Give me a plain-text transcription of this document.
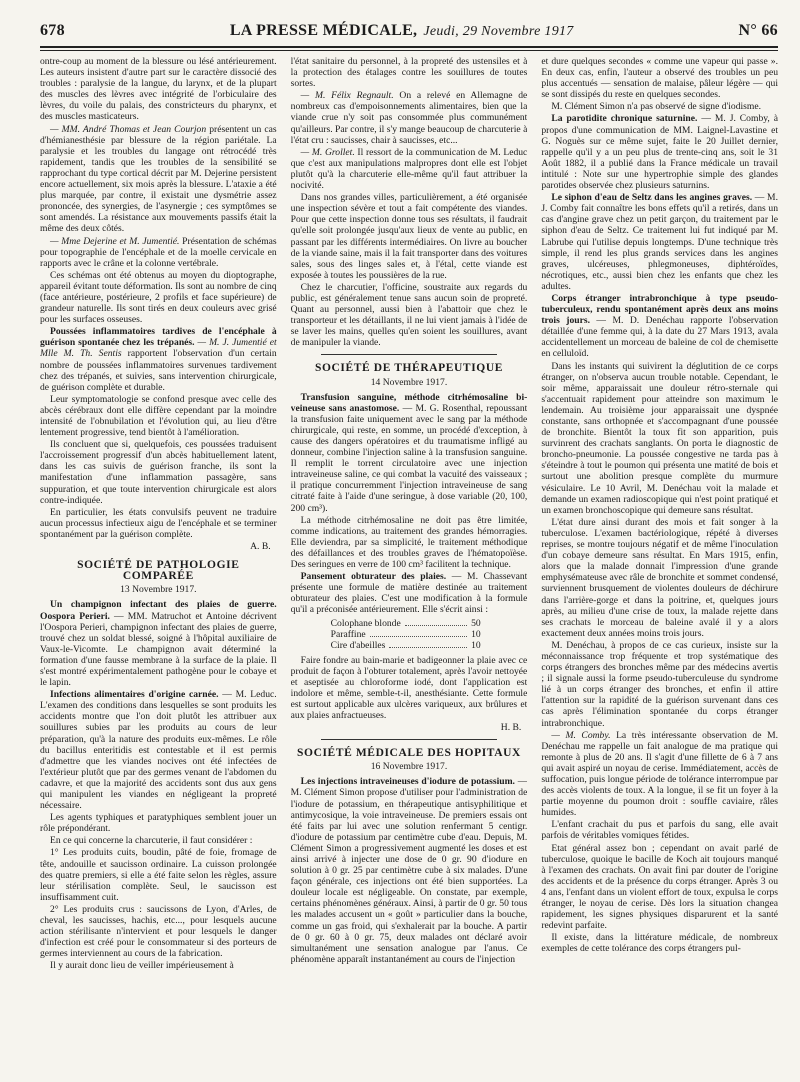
678	LA PRESSE MÉDICALE, Jeudi, 29 Novembre 1917	N° 66

ontre-coup au moment de la blessure ou lésé antérieurement. Les auteurs insistent d'autre part sur le caractère dissocié des troubles : paralysie de la langue, du larynx, et de la plupart des muscles des lèvres avec intégrité de l'orbiculaire des lèvres, du voile du palais, des constricteurs du pharynx, et des muscles masticateurs.

— MM. André Thomas et Jean Courjon présentent un cas d'hémianesthésie par blessure de la région pariétale. La paralysie et les troubles du langage ont rétrocédé très rapidement, tandis que les troubles de la sensibilité se rapprochant du type cortical décrit par M. Dejerine persistent encore actuellement, six mois après la blessure. L'ataxie a été plus marquée, par contre, il existait une dysmétrie assez prononcée, des synergies, de l'asynergie ; ces symptômes se sont amendés. La résistance aux mouvements passifs était la même des deux côtés.

— Mme Dejerine et M. Jumentié. Présentation de schémas pour topographie de l'encéphale et de la moelle cervicale en rapports avec le crâne et la colonne vertébrale.

Ces schémas ont été obtenus au moyen du dioptographe, appareil évitant toute déformation. Ils sont au nombre de cinq (face antérieure, postérieure, 2 profils et face supérieure) de grandeur naturelle. Ils sont tirés en deux couleurs avec grisé pour les surfaces osseuses.

Poussées inflammatoires tardives de l'encéphale à guérison spontanée chez les trépanés. — M. J. Jumentié et Mlle M. Th. Sentis rapportent l'observation d'un certain nombre de poussées inflammatoires survenues tardivement chez des trépanés, et suivies, sans intervention chirurgicale, de guérison complète et durable.

Leur symptomatologie se confond presque avec celle des abcès cérébraux dont elle diffère cependant par la moindre intensité de l'obnubilation et l'évolution qui, au lieu d'être lentement progressive, tend bientôt à l'amélioration.

Ils concluent que si, quelquefois, ces poussées traduisent l'accroissement progressif d'un abcès habituellement latent, dans les cas suivis de guérison franche, ils sont la manifestation d'une inflammation passagère, sans suppuration, et que toute intervention chirurgicale est alors contre-indiquée.

En particulier, les états convulsifs peuvent ne traduire aucun processus infectieux aigu de l'encéphale et se terminer spontanément par la guérison complète.

A. B.

SOCIÉTÉ DE PATHOLOGIE COMPARÉE
13 Novembre 1917.

Un champignon infectant des plaies de guerre. Oospora Perieri. — MM. Matruchot et Antoine décrivent l'Oospora Perieri, champignon infectant des plaies de guerre, trouvé chez un soldat blessé, soigné à l'hôpital auxiliaire de Vaux-le-Vicomte. Le champignon avait déterminé la formation d'une fausse membrane à la surface de la plaie. Il s'est montré expérimentalement pathogène pour le cobaye et le lapin.

Infections alimentaires d'origine carnée. — M. Leduc. L'examen des conditions dans lesquelles se sont produits les accidents montre que l'on doit plutôt les attribuer aux souillures subies par les produits au cours de leur préparation, qu'à la nature des produits eux-mêmes. Le rôle du bacillus enteritidis est contestable et il est permis d'admettre que les viandes nocives ont été infectées de l'extérieur plutôt que par des germes venant de l'abdomen du cadavre, et que la majorité des accidents sont dus aux gens qui manipulent les viandes en négligeant la propreté nécessaire.

Les agents typhiques et paratyphiques semblent jouer un rôle prépondérant.

En ce qui concerne la charcuterie, il faut considérer :

1° Les produits cuits, boudin, pâté de foie, fromage de tête, andouille et saucisson ordinaire. La cuisson prolongée des quatre premiers, si elle a été faite selon les règles, assure leur stérilisation complète. Seul, le saucisson est insuffisamment cuit.

2° Les produits crus : saucissons de Lyon, d'Arles, de cheval, les saucisses, hachis, etc..., pour lesquels aucune action stérilisante n'intervient et pour lesquels le danger d'infection est créé pour le consommateur si des porteurs de germes interviennent au cours de la fabrication.

Il y aurait donc lieu de veiller impérieusement à

l'état sanitaire du personnel, à la propreté des ustensiles et à la protection des étalages contre les souillures de toutes sortes.

— M. Félix Regnault. On a relevé en Allemagne de nombreux cas d'empoisonnements alimentaires, bien que la viande crue n'y soit pas consommée plus communément qu'ailleurs. Par contre, il s'y mange beaucoup de charcuterie à l'état cru : saucisses, chair à saucisses, etc...

— M. Grollet. Il ressort de la communication de M. Leduc que c'est aux manipulations malpropres dont elle est l'objet plutôt qu'à la charcuterie elle-même qu'il faut attribuer la nocivité.

Dans nos grandes villes, particulièrement, a été organisée une inspection sévère et tout a fait compétente des viandes. Pour que cette inspection donne tous ses résultats, il faudrait qu'elle soit prolongée jusqu'aux lieux de vente au public, en passant par les différents intermédiaires. On livre au boucher de la viande saine, mais il la fait transporter dans des voitures sales, sous des linges sales et, à l'étal, cette viande est exposée à toutes les poussières de la rue.

Chez le charcutier, l'officine, soustraite aux regards du public, est généralement tenue sans aucun soin de propreté. Quant au personnel, aussi bien à l'abattoir que chez le transporteur et les détaillants, il ne lui vient jamais à l'idée de se laver les mains, quelles qu'en soient les souillures, avant de manipuler la viande.

SOCIÉTÉ DE THÉRAPEUTIQUE
14 Novembre 1917.

Transfusion sanguine, méthode citrhémosaline bi-veineuse sans anastomose. — M. G. Rosenthal, repoussant la transfusion faite uniquement avec le sang par la méthode chirurgicale, qui reste, en somme, un procédé d'exception, à cause des dangers opératoires et du traumatisme infligé au donneur, combine l'injection saline à la transfusion sanguine. Il remplit le torrent circulatoire avec une injection intraveineuse saline, ce qui combat la vacuité des vaisseaux ; il pratique concurremment l'injection intraveineuse de sang citraté faite à l'aide d'une seringue, à dose variable (20, 100, 200 cm³).

La méthode citrhémosaline ne doit pas être limitée, comme indications, au traitement des grandes hémorragies. Elle deviendra, par sa simplicité, le traitement méthodique des défaillances et des troubles graves de l'hématopoïèse. Des seringues en verre de 100 cm³ facilitent la technique.

Pansement obturateur des plaies. — M. Chassevant présente une formule de matière destinée au traitement obturateur des plaies. C'est une modification à la formule qu'il a préconisée antérieurement. Elle s'écrit ainsi :

Colophane blonde	50
Paraffine	10
Cire d'abeilles	10

Faire fondre au bain-marie et badigeonner la plaie avec ce produit de façon à l'obturer totalement, après l'avoir nettoyée et aseptisée au chloroforme iodé, dont l'application est indolore et même, semble-t-il, anesthésiante. Cette formule est surtout applicable aux ulcères variqueux, aux brûlures et aux plaies anfractueuses.

H. B.

SOCIÉTÉ MÉDICALE DES HOPITAUX
16 Novembre 1917.

Les injections intraveineuses d'iodure de potassium. — M. Clément Simon propose d'utiliser pour l'administration de l'iodure de potassium, en thérapeutique antisyphilitique et antimycosique, la voie intraveineuse. De premiers essais ont été faits par lui avec une solution renfermant 5 centigr. d'iodure de potassium par centimètre cube d'eau. Depuis, M. Clément Simon a progressivement augmenté les doses et est ainsi arrivé à injecter une dose de 0 gr. 90 d'iodure en solution à 0 gr. 25 par centimètre cube à six malades. D'une façon générale, ces injections ont été bien supportées. La douleur locale est négligeable. On constate, par exemple, certains phénomènes généraux. Ainsi, à partir de 0 gr. 50 tous les malades accusent un « goût » particulier dans la bouche, comme un gas froid, qui s'exhalerait par la bouche. A partir de 0 gr. 60 à 0 gr. 75, deux malades ont déclaré avoir simultanément une sensation analogue par l'anus. Ce phénomène apparaît instantanément au cours de l'injection

et dure quelques secondes « comme une vapeur qui passe ». En deux cas, enfin, l'auteur a observé des troubles un peu plus accentués — sensation de malaise, pâleur légère — qui se sont dissipés du reste en quelques secondes.

M. Clément Simon n'a pas observé de signe d'iodisme.

La parotidite chronique saturnine. — M. J. Comby, à propos d'une communication de MM. Laignel-Lavastine et G. Noguès sur ce même sujet, faite le 20 Juillet dernier, rappelle qu'il y a un peu plus de trente-cinq ans, soit le 31 Août 1882, il a publié dans la France médicale un travail intitulé : Note sur une hypertrophie simple des glandes parotides observée chez plusieurs saturnins.

Le siphon d'eau de Seltz dans les angines graves. — M. J. Comby fait connaître les bons effets qu'il a retirés, dans un cas d'angine grave chez un petit garçon, du traitement par le siphon d'eau de Seltz. Ce traitement lui fut indiqué par M. Labrube qui l'utilise depuis longtemps. D'une technique très simple, il rend les plus grands services dans les angines graves, ulcéreuses, phlegmoneuses, diphtéroïdes, nécrotiques, etc., aussi bien chez les enfants que chez les adultes.

Corps étranger intrabronchique à type pseudo-tuberculeux, rendu spontanément après deux ans moins trois jours. — M. D. Denéchau rapporte l'observation détaillée d'une femme qui, à la date du 27 Mars 1913, avala accidentellement un morceau de baleine de col de chemisette en celluloïd.

Dans les instants qui suivirent la déglutition de ce corps étranger, on n'observa aucun trouble notable. Cependant, le soir même, apparaissait une douleur rétro-sternale qui s'accentuait rapidement pour atteindre son maximum le lendemain. Au troisième jour apparaissait une dyspnée constante, sans orthopnée et s'accompagnant d'une poussée de bronchite. Bientôt la toux fit son apparition, puis survinrent des crachats sanglants. On porta le diagnostic de broncho-pneumonie. La poussée congestive ne tarda pas à s'éteindre à tout le poumon qui présenta une matité de bois et surtout une abolition presque complète du murmure vésiculaire. Le 10 Avril, M. Denéchau voit la malade et demande un examen radioscopique qui n'est point pratiqué et un examen bronchoscopique qui demeure sans résultat.

L'état dure ainsi durant des mois et fait songer à la tuberculose. L'examen bactériologique, répété à diverses reprises, se montre toujours négatif et de même l'inoculation d'un cobaye demeure sans résultat. En Mars 1915, enfin, alors que la malade donnait l'impression d'une grande emphysémateuse avec râle de bronchite et sommet condensé, surviennent brusquement de violentes douleurs de déchirure dans l'arrière-gorge et dans la poitrine, et, quelques jours après, au milieu d'une crise de toux, la malade rejette dans ses crachats le morceau de baleine avalé il y a alors exactement deux années moins trois jours.

M. Denéchau, à propos de ce cas curieux, insiste sur la méconnaissance trop fréquente et trop systématique des corps étrangers des bronches même par des médecins avertis ; il signale aussi la forme pseudo-tuberculeuse du syndrome lié à un corps étranger des bronches, et enfin il attire l'attention sur la rapidité de la guérison survenant dans ces cas après l'élimination spontanée du corps étranger intrabronchique.

— M. Comby. La très intéressante observation de M. Denéchau me rappelle un fait analogue de ma pratique qui remonte à plus de 20 ans. Il s'agit d'une fillette de 6 à 7 ans qui avait aspiré un noyau de cerise. Immédiatement, accès de suffocation, puis longue période de tolérance interrompue par des accès violents de toux. A la longue, il se fit un foyer à la partie moyenne du poumon droit : souffle caviaire, râles humides.

L'enfant crachait du pus et parfois du sang, elle avait parfois de véritables vomiques fétides.

Etat général assez bon ; cependant on avait parlé de tuberculose, quoique le bacille de Koch ait toujours manqué à l'examen des crachats. On avait fini par douter de l'origine des accidents et de la présence du corps étranger. Après 3 ou 4 ans, l'enfant dans un violent effort de toux, expulsa le corps étranger, le noyau de cerise. Dès lors la situation changea rapidement, les signes physiques disparurent et la santé redevint parfaite.

Il existe, dans la littérature médicale, de nombreux exemples de cette tolérance des corps étrangers pul-
